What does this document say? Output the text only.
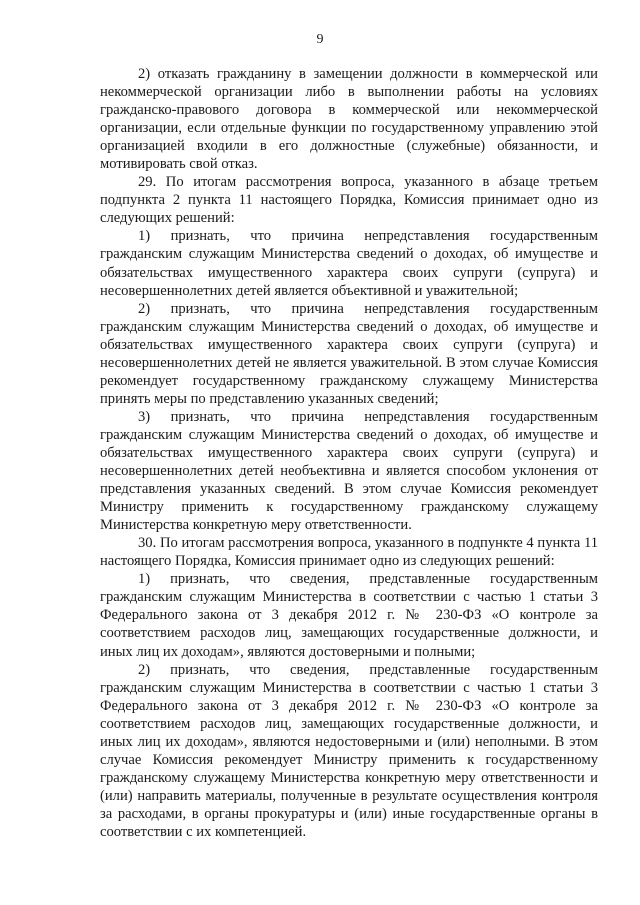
9

2) отказать гражданину в замещении должности в коммерческой или некоммерческой организации либо в выполнении работы на условиях гражданско-правового договора в коммерческой или некоммерческой организации, если отдельные функции по государственному управлению этой организацией входили в его должностные (служебные) обязанности, и мотивировать свой отказ.

29. По итогам рассмотрения вопроса, указанного в абзаце третьем подпункта 2 пункта 11 настоящего Порядка, Комиссия принимает одно из следующих решений:

1) признать, что причина непредставления государственным гражданским служащим Министерства сведений о доходах, об имуществе и обязательствах имущественного характера своих супруги (супруга) и несовершеннолетних детей является объективной и уважительной;

2) признать, что причина непредставления государственным гражданским служащим Министерства сведений о доходах, об имуществе и обязательствах имущественного характера своих супруги (супруга) и несовершеннолетних детей не является уважительной. В этом случае Комиссия рекомендует государственному гражданскому служащему Министерства принять меры по представлению указанных сведений;

3) признать, что причина непредставления государственным гражданским служащим Министерства сведений о доходах, об имуществе и обязательствах имущественного характера своих супруги (супруга) и несовершеннолетних детей необъективна и является способом уклонения от представления указанных сведений. В этом случае Комиссия рекомендует Министру применить к государственному гражданскому служащему Министерства конкретную меру ответственности.

30. По итогам рассмотрения вопроса, указанного в подпункте 4 пункта 11 настоящего Порядка, Комиссия принимает одно из следующих решений:

1) признать, что сведения, представленные государственным гражданским служащим Министерства в соответствии с частью 1 статьи 3 Федерального закона от 3 декабря 2012 г. № 230-ФЗ «О контроле за соответствием расходов лиц, замещающих государственные должности, и иных лиц их доходам», являются достоверными и полными;

2) признать, что сведения, представленные государственным гражданским служащим Министерства в соответствии с частью 1 статьи 3 Федерального закона от 3 декабря 2012 г. № 230-ФЗ «О контроле за соответствием расходов лиц, замещающих государственные должности, и иных лиц их доходам», являются недостоверными и (или) неполными. В этом случае Комиссия рекомендует Министру применить к государственному гражданскому служащему Министерства конкретную меру ответственности и (или) направить материалы, полученные в результате осуществления контроля за расходами, в органы прокуратуры и (или) иные государственные органы в соответствии с их компетенцией.
